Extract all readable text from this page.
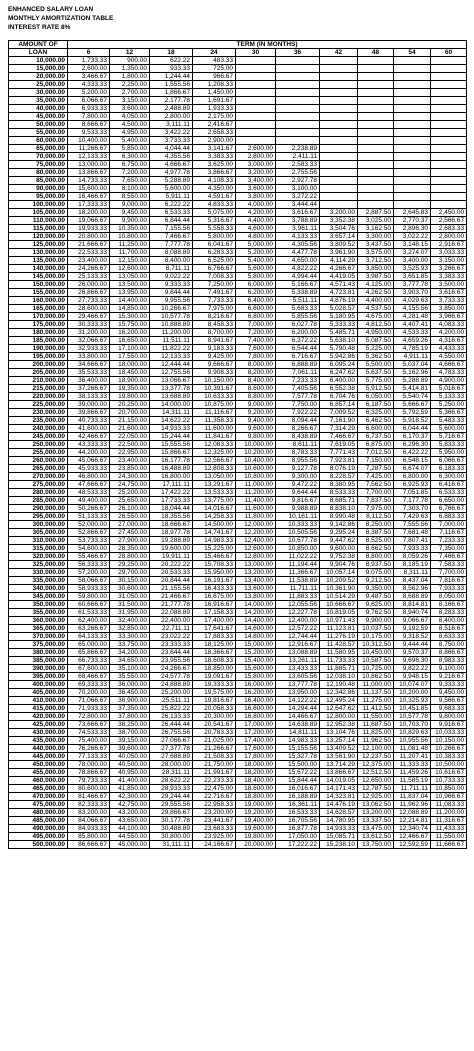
ENHANCED SALARY LOAN
MONTHLY AMORTIZATION TABLE
INTEREST RATE 8%
AMOUNT OF	TERM (IN MONTHS)									
LOAN	6	12	18	24	30	36	42	48	54	60
10,000.00	1,733.33	900.00	622.22	483.33						
15,000.00	2,600.00	1,350.00	933.33	725.00						
20,000.00	3,466.67	1,800.00	1,244.44	966.67						
25,000.00	4,333.33	2,250.00	1,555.56	1,208.33						
30,000.00	5,200.00	2,700.00	1,866.67	1,450.00						
35,000.00	6,066.67	3,150.00	2,177.78	1,691.67						
40,000.00	6,933.33	3,600.00	2,488.89	1,933.33						
45,000.00	7,800.00	4,050.00	2,800.00	2,175.00						
50,000.00	8,666.67	4,500.00	3,111.11	2,416.67						
55,000.00	9,533.33	4,950.00	3,422.22	2,658.33						
60,000.00	10,400.00	5,400.00	3,733.33	2,900.00						
65,000.00	11,266.67	5,850.00	4,044.44	3,141.67	2,600.00	2,238.89				
70,000.00	12,133.33	6,300.00	4,355.56	3,383.33	2,800.00	2,411.11				
75,000.00	13,000.00	6,750.00	4,666.67	3,625.00	3,000.00	2,583.33				
80,000.00	13,866.67	7,200.00	4,977.78	3,866.67	3,200.00	2,755.56				
85,000.00	14,733.33	7,650.00	5,288.89	4,108.33	3,400.00	2,927.78				
90,000.00	15,600.00	8,100.00	5,600.00	4,350.00	3,600.00	3,100.00				
95,000.00	16,466.67	8,550.00	5,911.11	4,591.67	3,800.00	3,272.22				
100,000.00	17,333.33	9,000.00	6,222.22	4,833.33	4,000.00	3,444.44				
105,000.00	18,200.00	9,450.00	6,533.33	5,075.00	4,200.00	3,616.67	3,200.00	2,887.50	2,645.83	2,450.00
110,000.00	19,066.67	9,900.00	6,844.44	5,316.67	4,400.00	3,788.89	3,352.38	3,025.00	2,770.37	2,566.67
115,000.00	19,933.33	10,350.00	7,155.56	5,558.33	4,600.00	3,961.11	3,504.76	3,162.50	2,896.30	2,683.33
120,000.00	20,800.00	10,800.00	7,466.67	5,800.00	4,800.00	4,133.33	3,657.14	3,300.00	3,022.22	2,800.00
125,000.00	21,666.67	11,250.00	7,777.78	6,041.67	5,000.00	4,305.56	3,809.52	3,437.50	3,148.15	2,916.67
130,000.00	22,533.33	11,700.00	8,088.89	6,283.33	5,200.00	4,477.78	3,961.90	3,575.00	3,274.07	3,033.33
135,000.00	23,400.00	12,150.00	8,400.00	6,525.00	5,400.00	4,650.00	4,114.29	3,712.50	3,400.00	3,150.00
140,000.00	24,266.67	12,600.00	8,711.11	6,766.67	5,600.00	4,822.22	4,266.67	3,850.00	3,525.93	3,266.67
145,000.00	25,133.33	13,050.00	9,022.22	7,008.33	5,800.00	4,994.44	4,419.05	3,987.50	3,651.85	3,383.33
150,000.00	26,000.00	13,500.00	9,333.33	7,250.00	6,000.00	5,166.67	4,571.43	4,125.00	3,777.78	3,500.00
155,000.00	26,866.67	13,950.00	9,644.44	7,491.67	6,200.00	5,338.89	4,723.81	4,262.50	3,903.70	3,616.67
160,000.00	27,733.33	14,400.00	9,955.56	7,733.33	6,400.00	5,511.11	4,876.19	4,400.00	4,029.63	3,733.33
165,000.00	28,600.00	14,850.00	10,266.67	7,975.00	6,600.00	5,683.33	5,028.57	4,537.50	4,155.56	3,850.00
170,000.00	29,466.67	15,300.00	10,577.78	8,216.67	6,800.00	5,855.56	5,180.95	4,675.00	4,281.48	3,966.67
175,000.00	30,333.33	15,750.00	10,888.89	8,458.33	7,000.00	6,027.78	5,333.33	4,812.50	4,407.41	4,083.33
180,000.00	31,200.00	16,200.00	11,200.00	8,700.00	7,200.00	6,200.00	5,485.71	4,950.00	4,533.33	4,200.00
185,000.00	32,066.67	16,650.00	11,511.11	8,941.67	7,400.00	6,372.22	5,638.10	5,087.50	4,659.26	4,316.67
190,000.00	32,933.33	17,100.00	11,822.22	9,183.33	7,600.00	6,544.44	5,790.48	5,225.00	4,785.19	4,433.33
195,000.00	33,800.00	17,550.00	12,133.33	9,425.00	7,800.00	6,716.67	5,942.86	5,362.50	4,911.11	4,550.00
200,000.00	34,666.67	18,000.00	12,444.44	9,666.67	8,000.00	6,888.89	6,095.24	5,500.00	5,037.04	4,666.67
205,000.00	35,533.33	18,450.00	12,755.56	9,908.33	8,200.00	7,061.11	6,247.62	5,637.50	5,162.96	4,783.33
210,000.00	36,400.00	18,900.00	13,066.67	10,150.00	8,400.00	7,233.33	6,400.00	5,775.00	5,288.89	4,900.00
215,000.00	37,266.67	19,350.00	13,377.78	10,391.67	8,600.00	7,405.56	6,552.38	5,912.50	5,414.81	5,016.67
220,000.00	38,133.33	19,800.00	13,688.89	10,633.33	8,800.00	7,577.78	6,704.76	6,050.00	5,540.74	5,133.33
225,000.00	39,000.00	20,250.00	14,000.00	10,875.00	9,000.00	7,750.00	6,857.14	6,187.50	5,666.67	5,250.00
230,000.00	39,866.67	20,700.00	14,311.11	11,116.67	9,200.00	7,922.22	7,009.52	6,325.00	5,792.59	5,366.67
235,000.00	40,733.33	21,150.00	14,622.22	11,358.33	9,400.00	8,094.44	7,161.90	6,462.50	5,918.52	5,483.33
240,000.00	41,600.00	21,600.00	14,933.33	11,600.00	9,600.00	8,266.67	7,314.29	6,600.00	6,044.44	5,600.00
245,000.00	42,466.67	22,050.00	15,244.44	11,841.67	9,800.00	8,438.89	7,466.67	6,737.50	6,170.37	5,716.67
250,000.00	43,333.33	22,500.00	15,555.56	12,083.33	10,000.00	8,611.11	7,619.05	6,875.00	6,296.30	5,833.33
255,000.00	44,200.00	22,950.00	15,866.67	12,325.00	10,200.00	8,783.33	7,771.43	7,012.50	6,422.22	5,950.00
260,000.00	45,066.67	23,400.00	16,177.78	12,566.67	10,400.00	8,955.56	7,923.81	7,150.00	6,548.15	6,066.67
265,000.00	45,933.33	23,850.00	16,488.89	12,808.33	10,600.00	9,127.78	8,076.19	7,287.50	6,674.07	6,183.33
270,000.00	46,800.00	24,300.00	16,800.00	13,050.00	10,800.00	9,300.00	8,228.57	7,425.00	6,800.00	6,300.00
275,000.00	47,666.67	24,750.00	17,111.11	13,291.67	11,000.00	9,472.22	8,380.95	7,562.50	6,925.93	6,416.67
280,000.00	48,533.33	25,200.00	17,422.22	13,533.33	11,200.00	9,644.44	8,533.33	7,700.00	7,051.85	6,533.33
285,000.00	49,400.00	25,650.00	17,733.33	13,775.00	11,400.00	9,816.67	8,685.71	7,837.50	7,177.78	6,650.00
290,000.00	50,266.67	26,100.00	18,044.44	14,016.67	11,600.00	9,988.89	8,838.10	7,975.00	7,303.70	6,766.67
295,000.00	51,133.33	26,550.00	18,355.56	14,258.33	11,800.00	10,161.11	8,990.48	8,112.50	7,429.63	6,883.33
300,000.00	52,000.00	27,000.00	18,666.67	14,500.00	12,000.00	10,333.33	9,142.86	8,250.00	7,555.56	7,000.00
305,000.00	52,866.67	27,450.00	18,977.78	14,741.67	12,200.00	10,505.56	9,295.24	8,387.50	7,681.48	7,116.67
310,000.00	53,733.33	27,900.00	19,288.89	14,983.33	12,400.00	10,677.78	9,447.62	8,525.00	7,807.41	7,233.33
315,000.00	54,600.00	28,350.00	19,600.00	15,225.00	12,600.00	10,850.00	9,600.00	8,662.50	7,933.33	7,350.00
320,000.00	55,466.67	28,800.00	19,911.11	15,466.67	12,800.00	11,022.22	9,752.38	8,800.00	8,059.26	7,466.67
325,000.00	56,333.33	29,250.00	20,222.22	15,708.33	13,000.00	11,194.44	9,904.76	8,937.50	8,185.19	7,583.33
330,000.00	57,200.00	29,700.00	20,533.33	15,950.00	13,200.00	11,366.67	10,057.14	9,075.00	8,311.11	7,700.00
335,000.00	58,066.67	30,150.00	20,844.44	16,191.67	13,400.00	11,538.89	10,209.52	9,212.50	8,437.04	7,816.67
340,000.00	58,933.33	30,600.00	21,155.56	16,433.33	13,600.00	11,711.11	10,361.90	9,350.00	8,562.96	7,933.33
345,000.00	59,800.00	31,050.00	21,466.67	16,675.00	13,800.00	11,883.33	10,514.29	9,487.50	8,688.89	8,050.00
350,000.00	60,666.67	31,500.00	21,777.78	16,916.67	14,000.00	12,055.56	10,666.67	9,625.00	8,814.81	8,166.67
355,000.00	61,533.33	31,950.00	22,088.89	17,158.33	14,200.00	12,227.78	10,819.05	9,762.50	8,940.74	8,283.33
360,000.00	62,400.00	32,400.00	22,400.00	17,400.00	14,400.00	12,400.00	10,971.43	9,900.00	9,066.67	8,400.00
365,000.00	63,266.67	32,850.00	22,711.11	17,641.67	14,600.00	12,572.22	11,123.81	10,037.50	9,192.59	8,516.67
370,000.00	64,133.33	33,300.00	23,022.22	17,883.33	14,800.00	12,744.44	11,276.19	10,175.00	9,318.52	8,633.33
375,000.00	65,000.00	33,750.00	23,333.33	18,125.00	15,000.00	12,916.67	11,428.57	10,312.50	9,444.44	8,750.00
380,000.00	65,866.67	34,200.00	23,644.44	18,366.67	15,200.00	13,088.89	11,580.95	10,450.00	9,570.37	8,866.67
385,000.00	66,733.33	34,650.00	23,955.56	18,608.33	15,400.00	13,261.11	11,733.33	10,587.50	9,696.30	8,983.33
390,000.00	67,600.00	35,100.00	24,266.67	18,850.00	15,600.00	13,433.33	11,885.71	10,725.00	9,822.22	9,100.00
395,000.00	68,466.67	35,550.00	24,577.78	19,091.67	15,800.00	13,605.56	12,038.10	10,862.50	9,948.15	9,216.67
400,000.00	69,333.33	36,000.00	24,888.89	19,333.33	16,000.00	13,777.78	12,190.48	11,000.00	10,074.07	9,333.33
405,000.00	70,200.00	36,450.00	25,200.00	19,575.00	16,200.00	13,950.00	12,342.86	11,137.50	10,200.00	9,450.00
410,000.00	71,066.67	36,900.00	25,511.11	19,816.67	16,400.00	14,122.22	12,495.24	11,275.00	10,325.93	9,566.67
415,000.00	71,933.33	37,350.00	25,822.22	20,058.33	16,600.00	14,294.44	12,647.62	11,412.50	10,451.85	9,683.33
420,000.00	72,800.00	37,800.00	26,133.33	20,300.00	16,800.00	14,466.67	12,800.00	11,550.00	10,577.78	9,800.00
425,000.00	73,666.67	38,250.00	26,444.44	20,541.67	17,000.00	14,638.89	12,952.38	11,687.50	10,703.70	9,916.67
430,000.00	74,533.33	38,700.00	26,755.56	20,783.33	17,200.00	14,811.11	13,104.76	11,825.00	10,829.63	10,033.33
435,000.00	75,400.00	39,150.00	27,066.67	21,025.00	17,400.00	14,983.33	13,257.14	11,962.50	10,955.56	10,150.00
440,000.00	76,266.67	39,600.00	27,377.78	21,266.67	17,600.00	15,155.56	13,409.52	12,100.00	11,081.48	10,266.67
445,000.00	77,133.33	40,050.00	27,688.89	21,508.33	17,800.00	15,327.78	13,561.90	12,237.50	11,207.41	10,383.33
450,000.00	78,000.00	40,500.00	28,000.00	21,750.00	18,000.00	15,500.00	13,714.29	12,375.00	11,333.33	10,500.00
455,000.00	78,866.67	40,950.00	28,311.11	21,991.67	18,200.00	15,672.22	13,866.67	12,512.50	11,459.26	10,616.67
460,000.00	79,733.33	41,400.00	28,622.22	22,233.33	18,400.00	15,844.44	14,019.05	12,650.00	11,585.19	10,733.33
465,000.00	80,600.00	41,850.00	28,933.33	22,475.00	18,600.00	16,016.67	14,171.43	12,787.50	11,711.11	10,850.00
470,000.00	81,466.67	42,300.00	29,244.44	22,716.67	18,800.00	16,188.89	14,323.81	12,925.00	11,837.04	10,966.67
475,000.00	82,333.33	42,750.00	29,555.56	22,958.33	19,000.00	16,361.11	14,476.19	13,062.50	11,962.96	11,083.33
480,000.00	83,200.00	43,200.00	29,866.67	23,200.00	19,200.00	16,533.33	14,628.57	13,200.00	12,088.89	11,200.00
485,000.00	84,066.67	43,650.00	30,177.78	23,441.67	19,400.00	16,705.56	14,780.95	13,337.50	12,214.81	11,316.67
490,000.00	84,933.33	44,100.00	30,488.89	23,683.33	19,600.00	16,877.78	14,933.33	13,475.00	12,340.74	11,433.33
495,000.00	85,800.00	44,550.00	30,800.00	23,925.00	19,800.00	17,050.00	15,085.71	13,612.50	12,466.67	11,550.00
500,000.00	86,666.67	45,000.00	31,111.11	24,166.67	20,000.00	17,222.22	15,238.10	13,750.00	12,592.59	11,666.67
